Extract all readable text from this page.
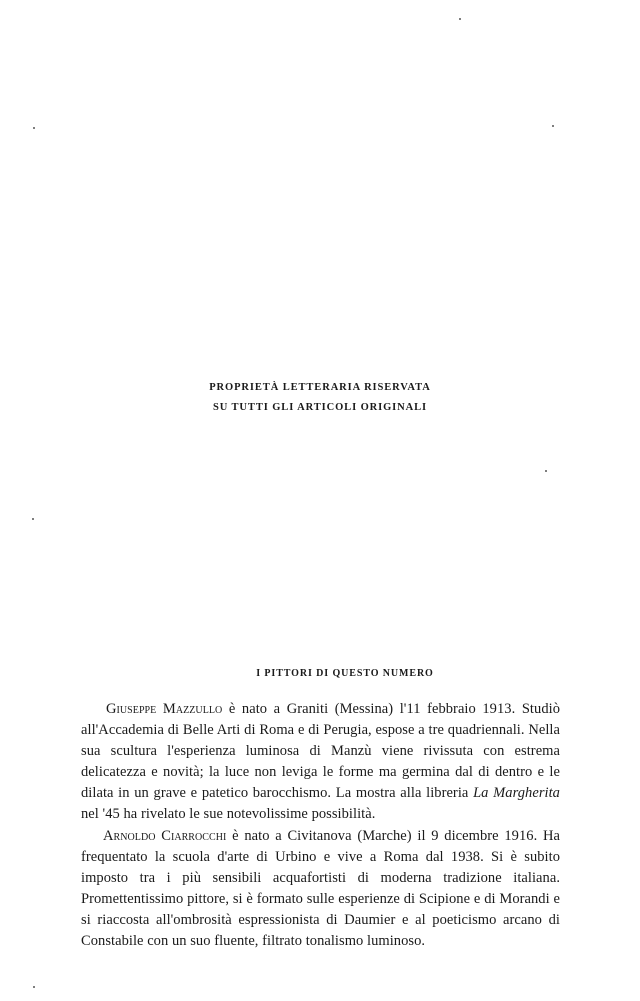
PROPRIETÀ LETTERARIA RISERVATA
SU TUTTI GLI ARTICOLI ORIGINALI
I PITTORI DI QUESTO NUMERO

Giuseppe Mazzullo è nato a Graniti (Messina) l'11 febbraio 1913. Studiò all'Accademia di Belle Arti di Roma e di Perugia, espose a tre quadriennali. Nella sua scultura l'esperienza luminosa di Manzù viene rivissuta con estrema delicatezza e novità; la luce non leviga le forme ma germina dal di dentro e le dilata in un grave e patetico barocchismo. La mostra alla libreria La Margherita nel '45 ha rivelato le sue notevolissime possibilità.

Arnoldo Ciarrocchi è nato a Civitanova (Marche) il 9 dicembre 1916. Ha frequentato la scuola d'arte di Urbino e vive a Roma dal 1938. Si è subito imposto tra i più sensibili acquafortisti di moderna tradizione italiana. Promettentissimo pittore, si è formato sulle esperienze di Scipione e di Morandi e si riaccosta all'ombrosità espressionista di Daumier e al poeticismo arcano di Constabile con un suo fluente, filtrato tonalismo luminoso.
